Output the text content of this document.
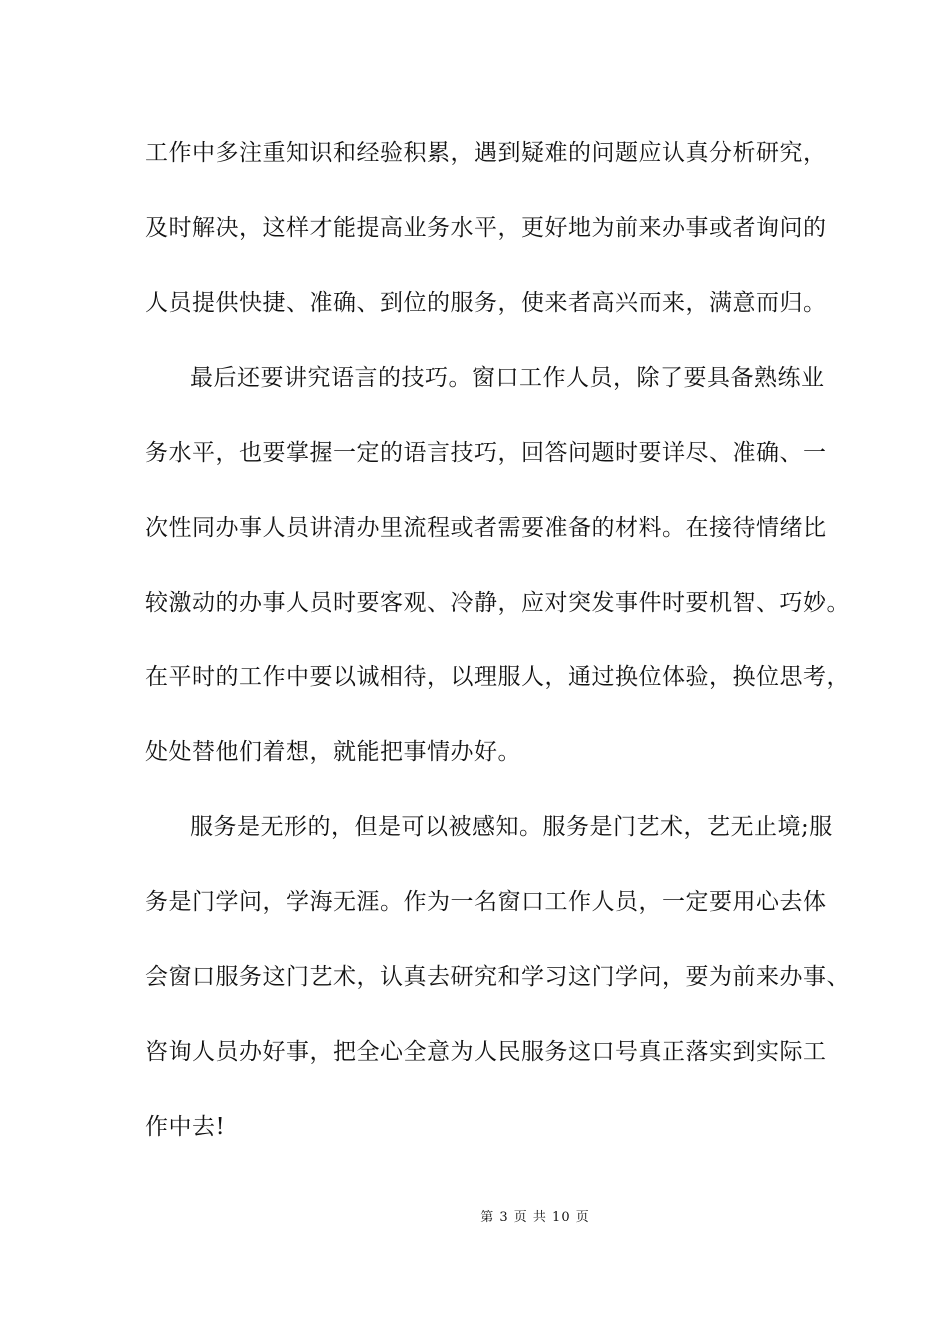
工作中多注重知识和经验积累，遇到疑难的问题应认真分析研究，
及时解决，这样才能提高业务水平，更好地为前来办事或者询问的
人员提供快捷、准确、到位的服务，使来者高兴而来，满意而归。
最后还要讲究语言的技巧。窗口工作人员，除了要具备熟练业
务水平，也要掌握一定的语言技巧，回答问题时要详尽、准确、一
次性同办事人员讲清办里流程或者需要准备的材料。在接待情绪比
较激动的办事人员时要客观、冷静，应对突发事件时要机智、巧妙。
在平时的工作中要以诚相待，以理服人，通过换位体验，换位思考，
处处替他们着想，就能把事情办好。
服务是无形的，但是可以被感知。服务是门艺术，艺无止境;服
务是门学问，学海无涯。作为一名窗口工作人员，一定要用心去体
会窗口服务这门艺术，认真去研究和学习这门学问，要为前来办事、
咨询人员办好事，把全心全意为人民服务这口号真正落实到实际工
作中去!
第 3 页 共 10 页
